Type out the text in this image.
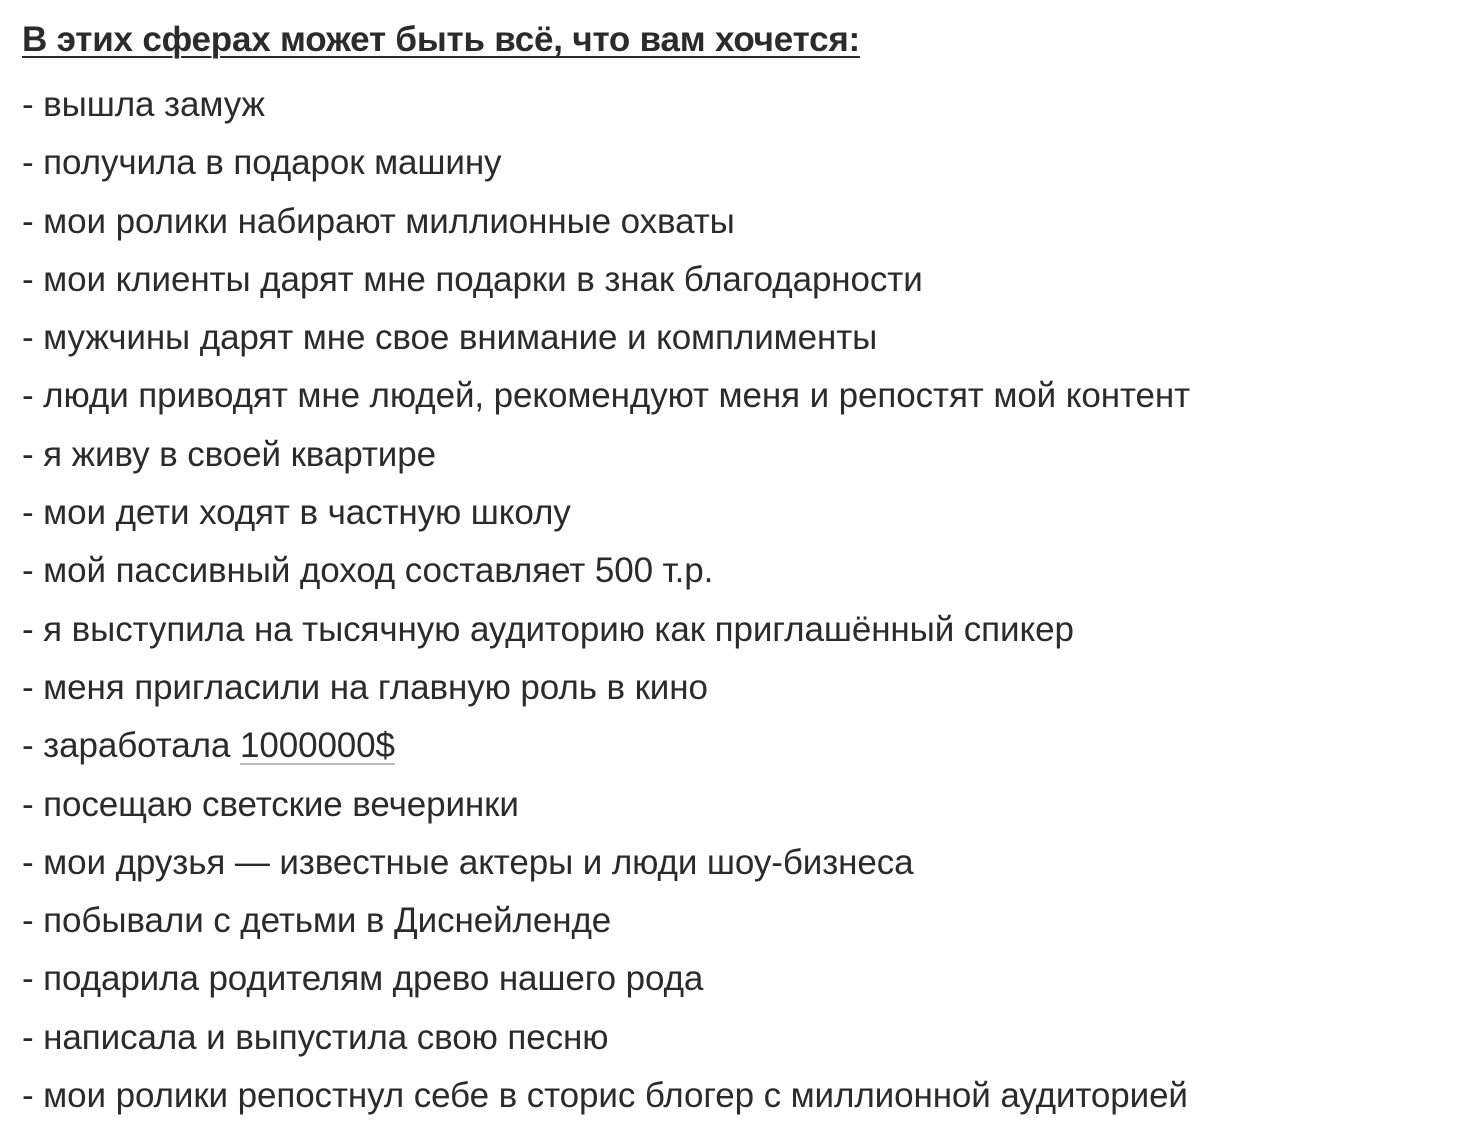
В этих сферах может быть всё, что вам хочется:
- вышла замуж
- получила в подарок машину
- мои ролики набирают миллионные охваты
- мои клиенты дарят мне подарки в знак благодарности
- мужчины дарят мне свое внимание и комплименты
- люди приводят мне людей, рекомендуют меня и репостят мой контент
- я живу в своей квартире
- мои дети ходят в частную школу
- мой пассивный доход составляет 500 т.р.
- я выступила на тысячную аудиторию как приглашённый спикер
- меня пригласили на главную роль в кино
- заработала 1000000$
- посещаю светские вечеринки
- мои друзья — известные актеры и люди шоу-бизнеса
- побывали с детьми в Диснейленде
- подарила родителям древо нашего рода
- написала и выпустила свою песню
- мои ролики репостнул себе в сторис блогер с миллионной аудиторией
